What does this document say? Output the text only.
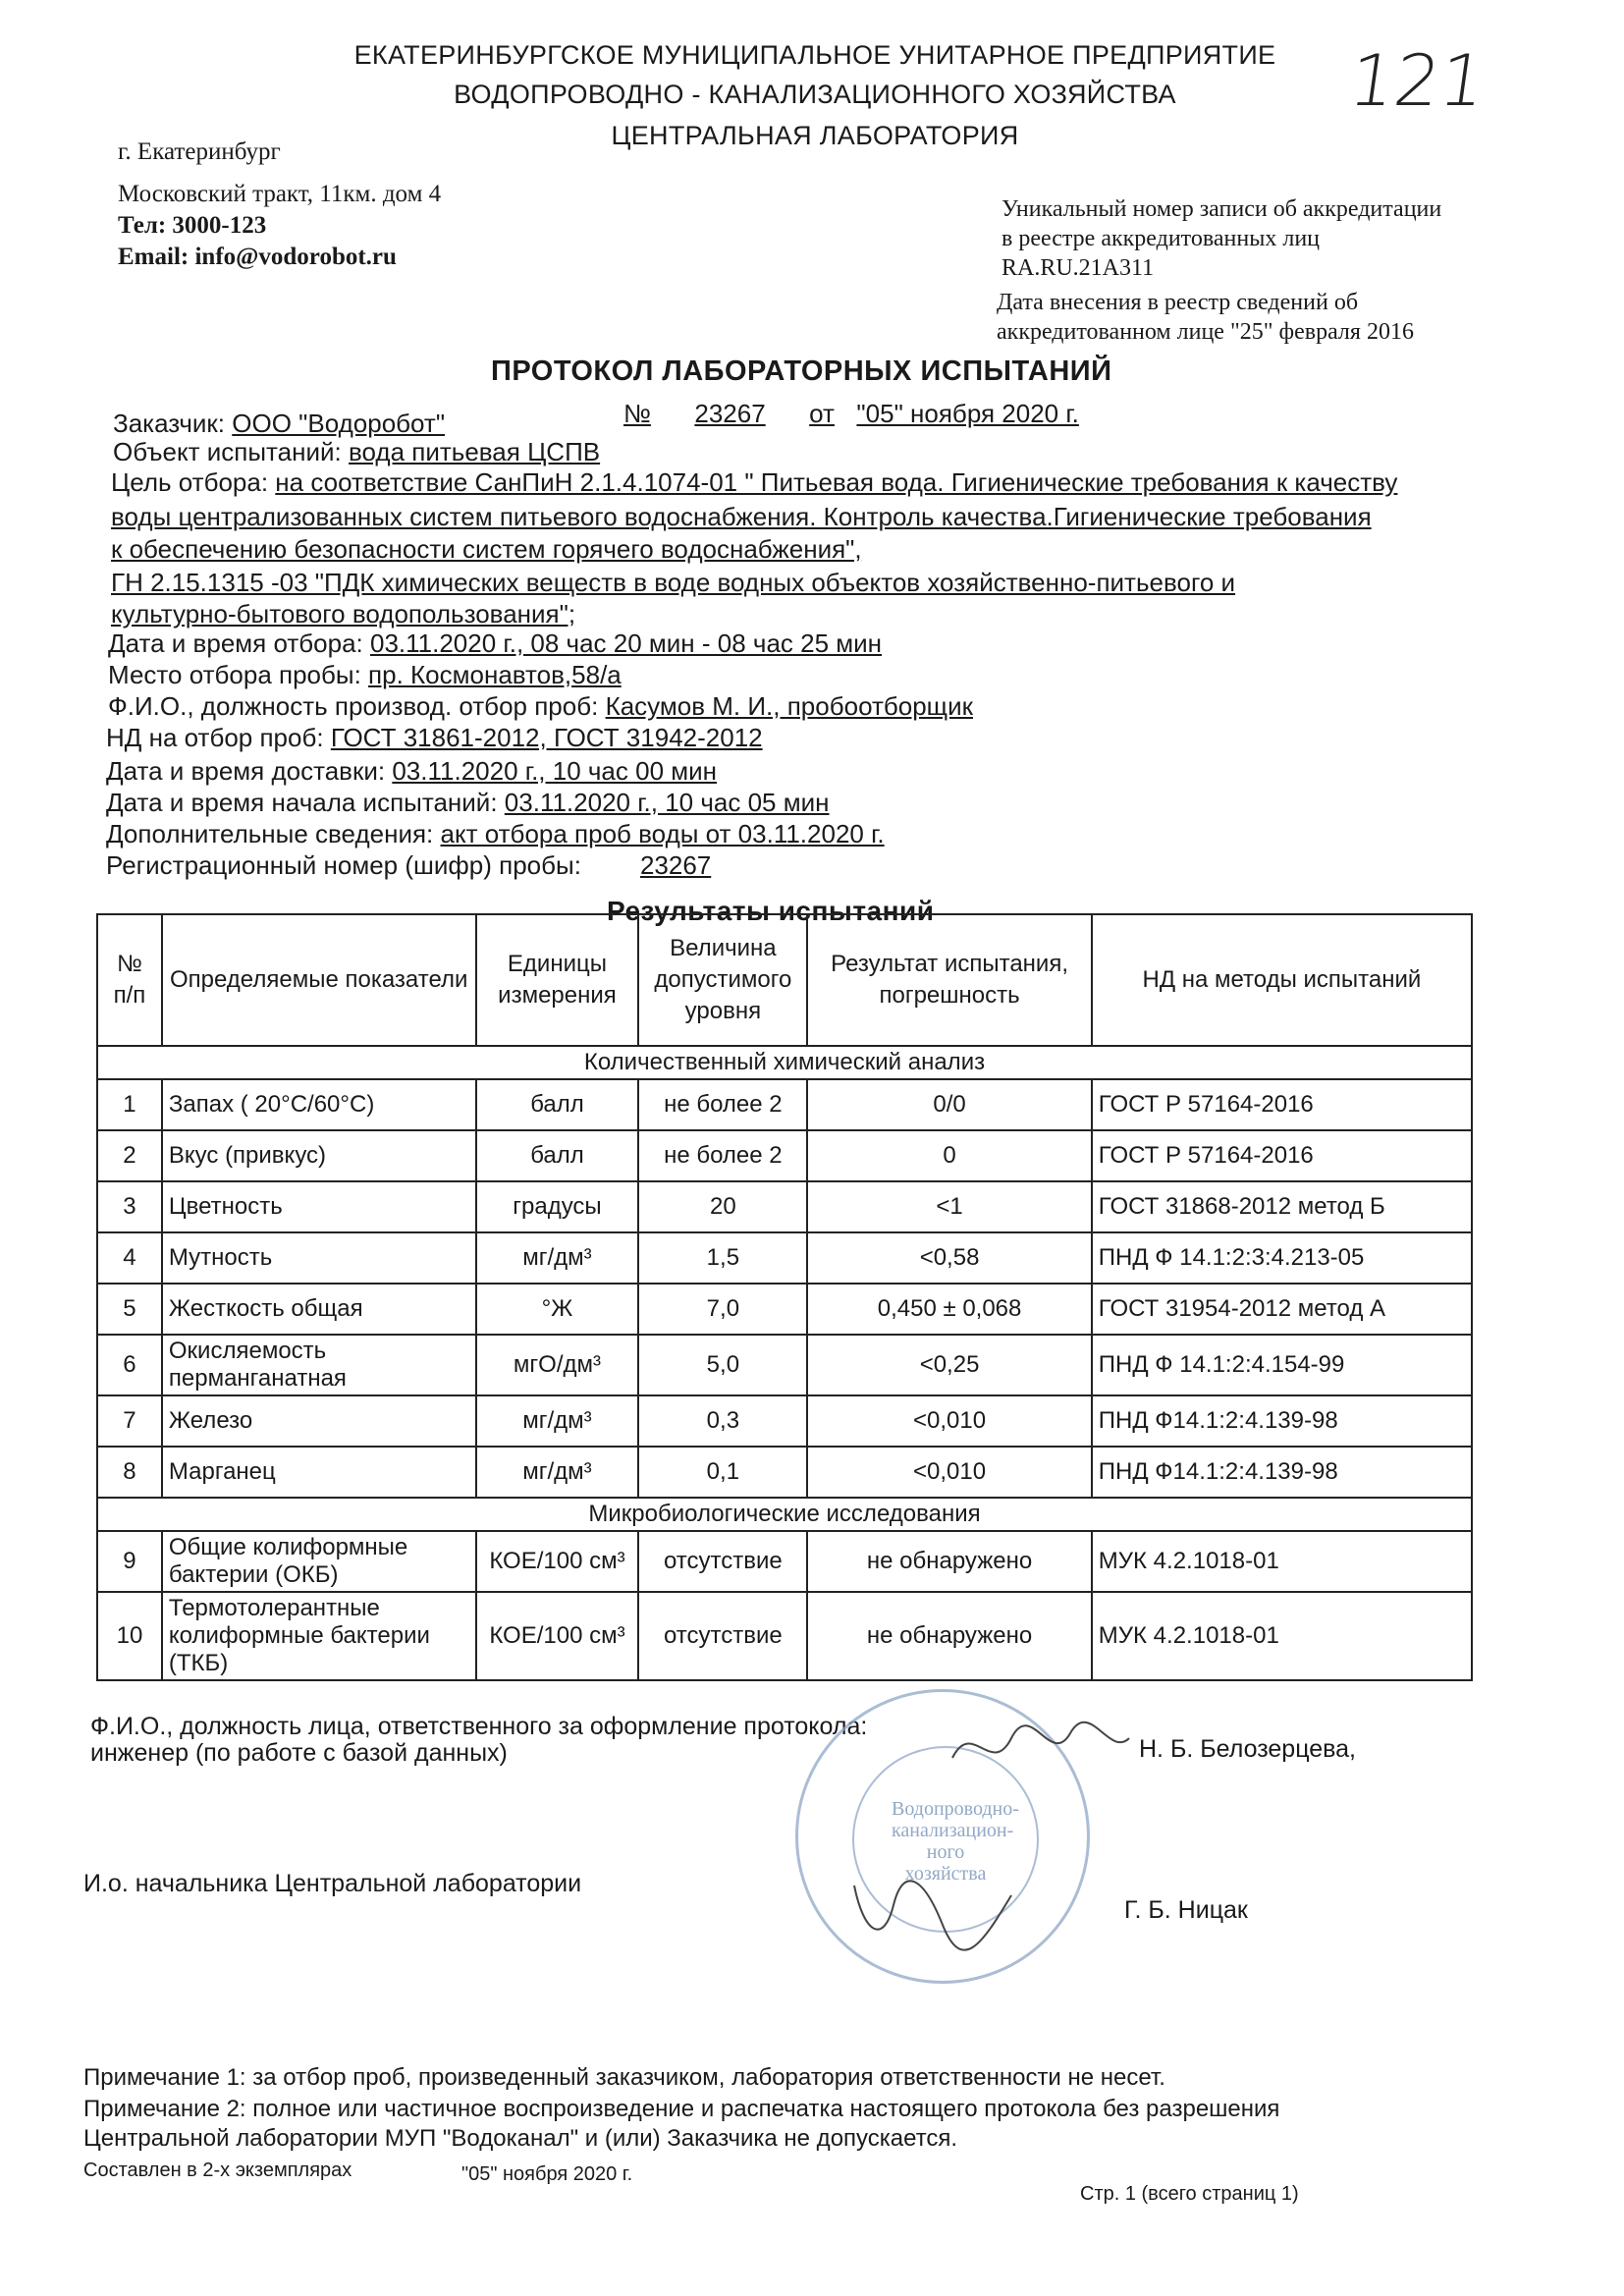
ЕКАТЕРИНБУРГСКОЕ МУНИЦИПАЛЬНОЕ УНИТАРНОЕ ПРЕДПРИЯТИЕ
ВОДОПРОВОДНО - КАНАЛИЗАЦИОННОГО ХОЗЯЙСТВА
ЦЕНТРАЛЬНАЯ ЛАБОРАТОРИЯ
121
г. Екатеринбург
Московский тракт, 11км. дом 4
Тел: 3000-123
Email: info@vodorobot.ru
Уникальный номер записи об аккредитации
в реестре аккредитованных лиц
RA.RU.21A311
Дата внесения в реестр сведений об
аккредитованном лице "25" февраля 2016
ПРОТОКОЛ ЛАБОРАТОРНЫХ ИСПЫТАНИЙ
№ 23267 от "05" ноября 2020 г.
Заказчик: ООО "Водоробот"
Объект испытаний: вода питьевая ЦСПВ
Цель отбора: на соответствие СанПиН 2.1.4.1074-01 " Питьевая вода. Гигиенические требования к качеству
воды централизованных систем питьевого водоснабжения. Контроль качества.Гигиенические требования
к обеспечению безопасности систем горячего водоснабжения",
ГН 2.15.1315 -03 "ПДК химических веществ в воде водных объектов хозяйственно-питьевого и
культурно-бытового водопользования";
Дата и время отбора: 03.11.2020 г., 08 час 20 мин - 08 час 25 мин
Место отбора пробы: пр. Космонавтов,58/а
Ф.И.О., должность производ. отбор проб: Касумов М. И., пробоотборщик
НД на отбор проб: ГОСТ 31861-2012, ГОСТ 31942-2012
Дата и время доставки: 03.11.2020 г., 10 час 00 мин
Дата и время начала испытаний: 03.11.2020 г., 10 час 05 мин
Дополнительные сведения: акт отбора проб воды от 03.11.2020 г.
Регистрационный номер (шифр) пробы: 23267
Результаты испытаний
№ п/п	Определяемые показатели	Единицы измерения	Величина допустимого уровня	Результат испытания, погрешность	НД на методы испытаний
Количественный химический анализ					
1	Запах ( 20°С/60°С)	балл	не более 2	0/0	ГОСТ Р 57164-2016
2	Вкус (привкус)	балл	не более 2	0	ГОСТ Р 57164-2016
3	Цветность	градусы	20	<1	ГОСТ 31868-2012 метод Б
4	Мутность	мг/дм³	1,5	<0,58	ПНД Ф 14.1:2:3:4.213-05
5	Жесткость общая	°Ж	7,0	0,450 ± 0,068	ГОСТ 31954-2012 метод А
6	Окисляемость перманганатная	мгО/дм³	5,0	<0,25	ПНД Ф 14.1:2:4.154-99
7	Железо	мг/дм³	0,3	<0,010	ПНД Ф14.1:2:4.139-98
8	Марганец	мг/дм³	0,1	<0,010	ПНД Ф14.1:2:4.139-98
Микробиологические исследования					
9	Общие колиформные бактерии (ОКБ)	КОЕ/100 см³	отсутствие	не обнаружено	МУК 4.2.1018-01
10	Термотолерантные колиформные бактерии (ТКБ)	КОЕ/100 см³	отсутствие	не обнаружено	МУК 4.2.1018-01
Ф.И.О., должность лица, ответственного за оформление протокола:
инженер (по работе с базой данных)	Н. Б. Белозерцева,
И.о. начальника Центральной лаборатории
Г. Б. Ницак
Водопроводно-канализацион-ного хозяйства
Примечание 1: за отбор проб, произведенный заказчиком, лаборатория ответственности не несет.
Примечание 2: полное или частичное воспроизведение и распечатка настоящего протокола без разрешения
Центральной лаборатории МУП "Водоканал" и (или) Заказчика не допускается.
Составлен в 2-х экземплярах	"05" ноября 2020 г.
Стр. 1 (всего страниц 1)
